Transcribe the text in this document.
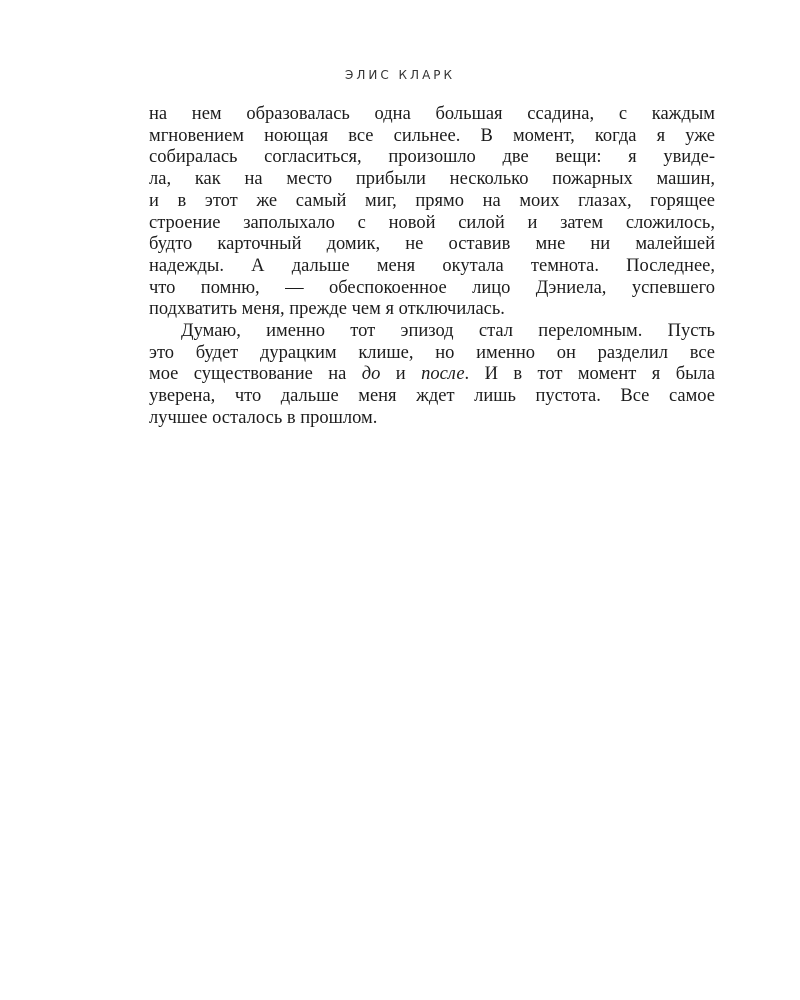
ЭЛИС КЛАРК
на нем образовалась одна большая ссадина, с каждым
мгновением ноющая все сильнее. В момент, когда я уже
собиралась согласиться, произошло две вещи: я увиде-
ла, как на место прибыли несколько пожарных машин,
и в этот же самый миг, прямо на моих глазах, горящее
строение заполыхало с новой силой и затем сложилось,
будто карточный домик, не оставив мне ни малейшей
надежды. А дальше меня окутала темнота. Последнее,
что помню, — обеспокоенное лицо Дэниела, успевшего
подхватить меня, прежде чем я отключилась.
Думаю, именно тот эпизод стал переломным. Пусть
это будет дурацким клише, но именно он разделил все
мое существование на до и после. И в тот момент я была
уверена, что дальше меня ждет лишь пустота. Все самое
лучшее осталось в прошлом.
